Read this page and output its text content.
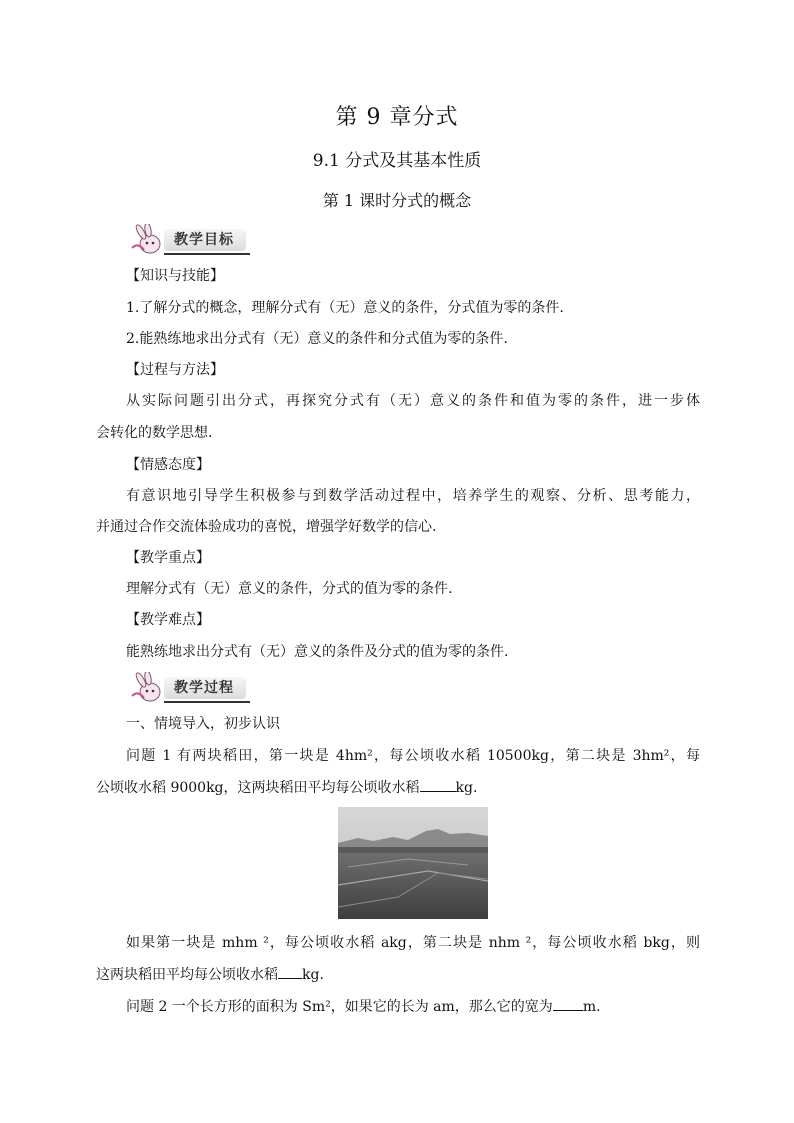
第 9 章分式
9.1 分式及其基本性质
第 1 课时分式的概念
教学目标
【知识与技能】
1.了解分式的概念，理解分式有（无）意义的条件，分式值为零的条件.
2.能熟练地求出分式有（无）意义的条件和分式值为零的条件.
【过程与方法】
从实际问题引出分式，再探究分式有（无）意义的条件和值为零的条件，进一步体
会转化的数学思想.
【情感态度】
有意识地引导学生积极参与到数学活动过程中，培养学生的观察、分析、思考能力，
并通过合作交流体验成功的喜悦，增强学好数学的信心.
【教学重点】
理解分式有（无）意义的条件，分式的值为零的条件.
【教学难点】
能熟练地求出分式有（无）意义的条件及分式的值为零的条件.
教学过程
一、情境导入，初步认识
问题 1 有两块稻田，第一块是 4hm²，每公顷收水稻 10500kg，第二块是 3hm²，每
公顷收水稻 9000kg，这两块稻田平均每公顷收水稻	kg.
如果第一块是 mhm ²，每公顷收水稻 akg，第二块是 nhm ²，每公顷收水稻 bkg，则
这两块稻田平均每公顷收水稻 kg.
问题 2 一个长方形的面积为 Sm²，如果它的长为 am，那么它的宽为 m.
